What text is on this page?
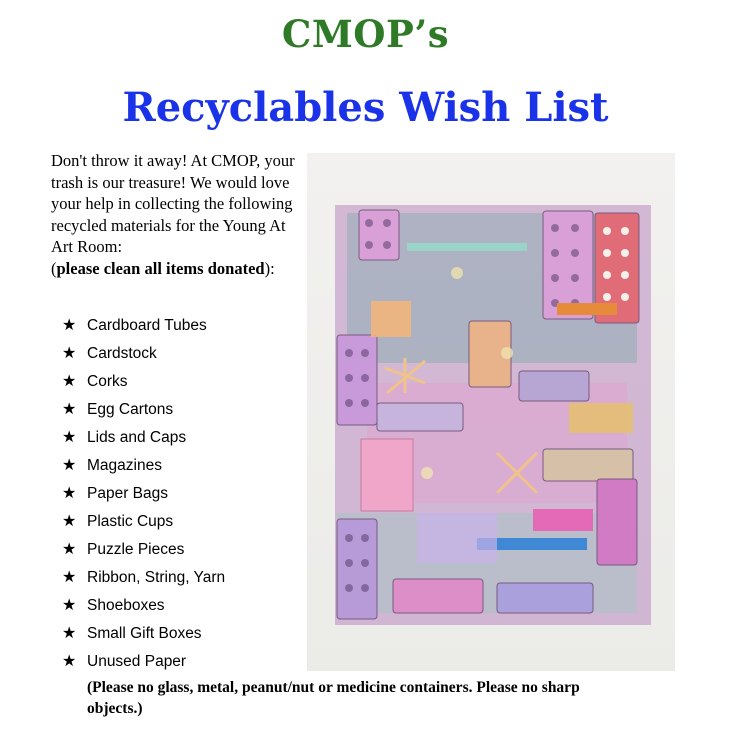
CMOP’s
Recyclables Wish List
Don't throw it away! At CMOP, your trash is our treasure! We would love your help in collecting the following recycled materials for the Young At Art Room:
(please clean all items donated):
★ Cardboard Tubes
★ Cardstock
★ Corks
★ Egg Cartons
★ Lids and Caps
★ Magazines
★ Paper Bags
★ Plastic Cups
★ Puzzle Pieces
★ Ribbon, String, Yarn
★ Shoeboxes
★ Small Gift Boxes
★ Unused Paper
(Please no glass, metal, peanut/nut or medicine containers. Please no sharp objects.)
